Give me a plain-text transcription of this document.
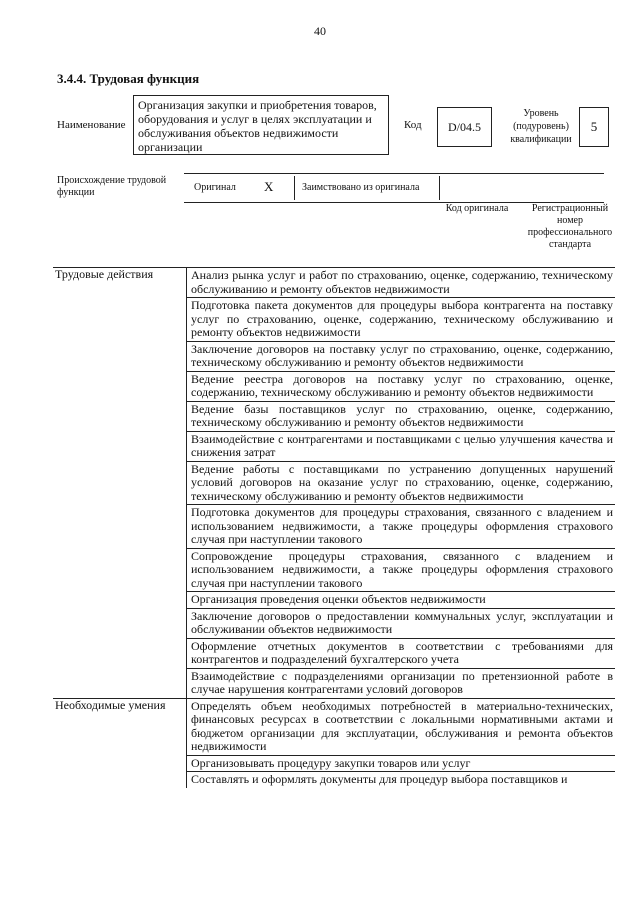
40
3.4.4. Трудовая функция
Наименование
Организация закупки и приобретения товаров, оборудования и услуг в целях эксплуатации и обслуживания объектов недвижимости организации
Код	D/04.5
Уровень (подуровень) квалификации
5
Происхождение трудовой функции	Оригинал X	Заимствовано из оригинала
Код оригинала	Регистрационный номер профессионального стандарта
Трудовые действия	Анализ рынка услуг и работ по страхованию, оценке, содержанию, техническому обслуживанию и ремонту объектов недвижимости
	Подготовка пакета документов для процедуры выбора контрагента на поставку услуг по страхованию, оценке, содержанию, техническому обслуживанию и ремонту объектов недвижимости
	Заключение договоров на поставку услуг по страхованию, оценке, содержанию, техническому обслуживанию и ремонту объектов недвижимости
	Ведение реестра договоров на поставку услуг по страхованию, оценке, содержанию, техническому обслуживанию и ремонту объектов недвижимости
	Ведение базы поставщиков услуг по страхованию, оценке, содержанию, техническому обслуживанию и ремонту объектов недвижимости
	Взаимодействие с контрагентами и поставщиками с целью улучшения качества и снижения затрат
	Ведение работы с поставщиками по устранению допущенных нарушений условий договоров на оказание услуг по страхованию, оценке, содержанию, техническому обслуживанию и ремонту объектов недвижимости
	Подготовка документов для процедуры страхования, связанного с владением и использованием недвижимости, а также процедуры оформления страхового случая при наступлении такового
	Сопровождение процедуры страхования, связанного с владением и использованием недвижимости, а также процедуры оформления страхового случая при наступлении такового
	Организация проведения оценки объектов недвижимости
	Заключение договоров о предоставлении коммунальных услуг, эксплуатации и обслуживании объектов недвижимости
	Оформление отчетных документов в соответствии с требованиями для контрагентов и подразделений бухгалтерского учета
	Взаимодействие с подразделениями организации по претензионной работе в случае нарушения контрагентами условий договоров
Необходимые умения	Определять объем необходимых потребностей в материально-технических, финансовых ресурсах в соответствии с локальными нормативными актами и бюджетом организации для эксплуатации, обслуживания и ремонта объектов недвижимости
	Организовывать процедуру закупки товаров или услуг
	Составлять и оформлять документы для процедур выбора поставщиков и
